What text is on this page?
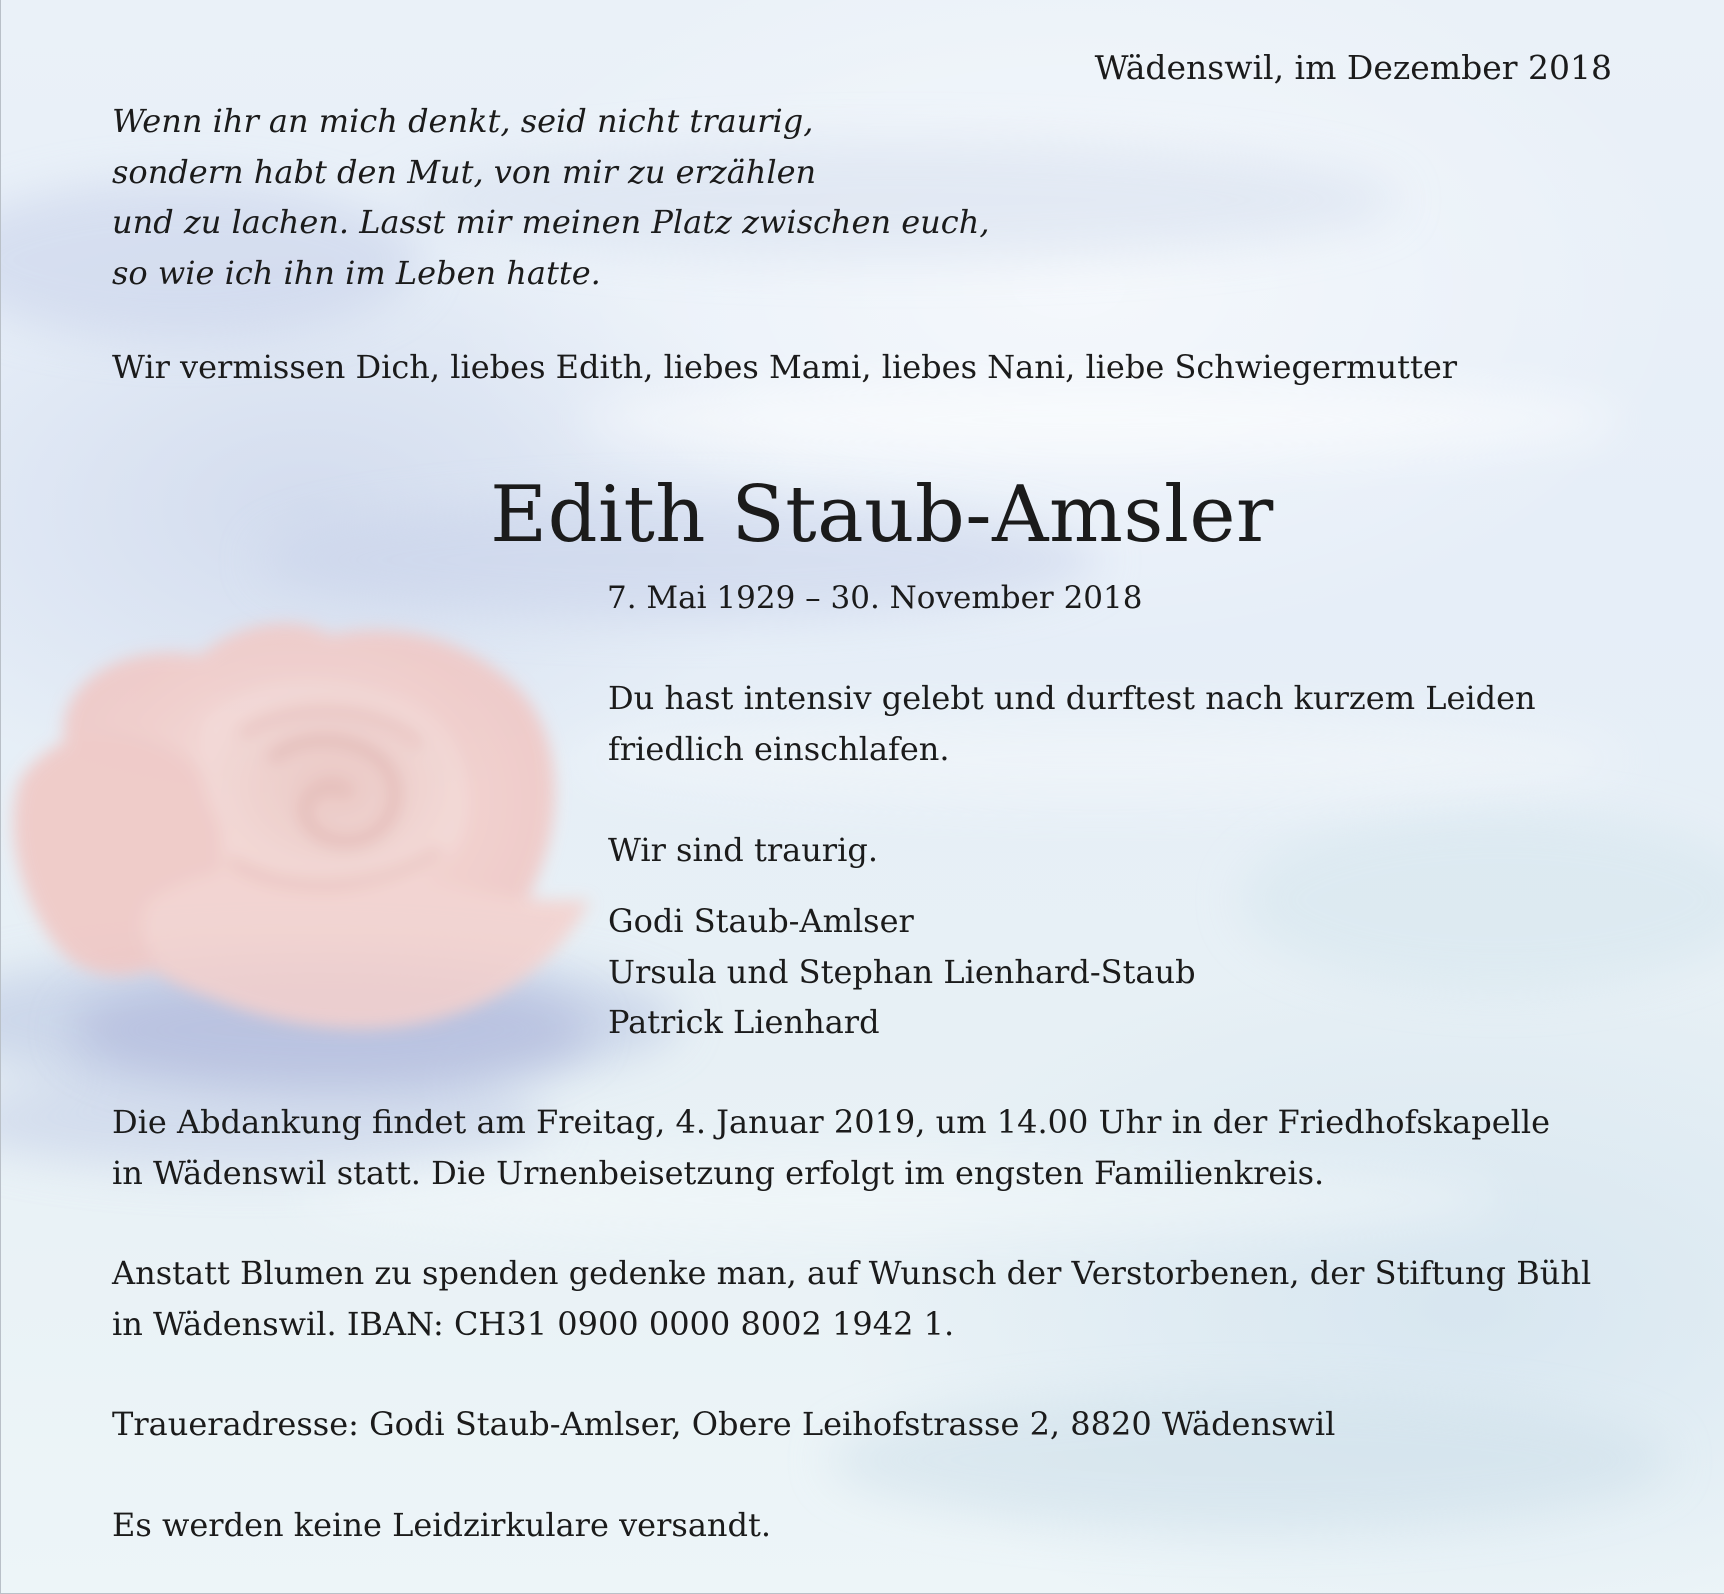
Wädenswil, im Dezember 2018

Wenn ihr an mich denkt, seid nicht traurig,
sondern habt den Mut, von mir zu erzählen
und zu lachen. Lasst mir meinen Platz zwischen euch,
so wie ich ihn im Leben hatte.

Wir vermissen Dich, liebes Edith, liebes Mami, liebes Nani, liebe Schwiegermutter

Edith Staub-Amsler

7. Mai 1929 – 30. November 2018

Du hast intensiv gelebt und durftest nach kurzem Leiden
friedlich einschlafen.

Wir sind traurig.

Godi Staub-Amlser
Ursula und Stephan Lienhard-Staub
Patrick Lienhard
Die Abdankung findet am Freitag, 4. Januar 2019, um 14.00 Uhr in der Friedhofskapelle
in Wädenswil statt. Die Urnenbeisetzung erfolgt im engsten Familienkreis.
Anstatt Blumen zu spenden gedenke man, auf Wunsch der Verstorbenen, der Stiftung Bühl
in Wädenswil. IBAN: CH31 0900 0000 8002 1942 1.

Traueradresse: Godi Staub-Amlser, Obere Leihofstrasse 2, 8820 Wädenswil

Es werden keine Leidzirkulare versandt.
